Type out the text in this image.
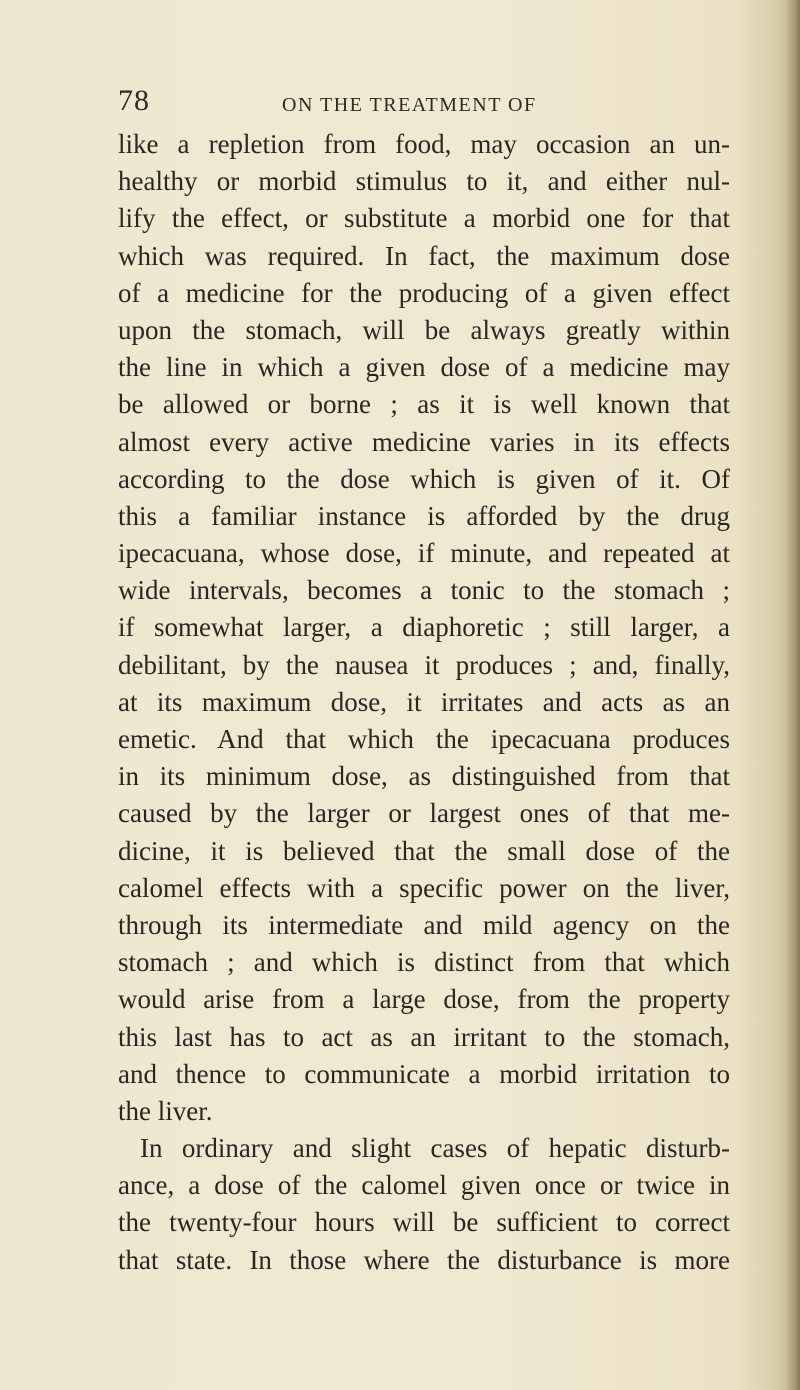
78	ON THE TREATMENT OF
like a repletion from food, may occasion an un-
healthy or morbid stimulus to it, and either nul-
lify the effect, or substitute a morbid one for that
which was required. In fact, the maximum dose
of a medicine for the producing of a given effect
upon the stomach, will be always greatly within
the line in which a given dose of a medicine may
be allowed or borne ; as it is well known that
almost every active medicine varies in its effects
according to the dose which is given of it. Of
this a familiar instance is afforded by the drug
ipecacuana, whose dose, if minute, and repeated at
wide intervals, becomes a tonic to the stomach ;
if somewhat larger, a diaphoretic ; still larger, a
debilitant, by the nausea it produces ; and, finally,
at its maximum dose, it irritates and acts as an
emetic. And that which the ipecacuana produces
in its minimum dose, as distinguished from that
caused by the larger or largest ones of that me-
dicine, it is believed that the small dose of the
calomel effects with a specific power on the liver,
through its intermediate and mild agency on the
stomach ; and which is distinct from that which
would arise from a large dose, from the property
this last has to act as an irritant to the stomach,
and thence to communicate a morbid irritation to
the liver.
In ordinary and slight cases of hepatic disturb-
ance, a dose of the calomel given once or twice in
the twenty-four hours will be sufficient to correct
that state. In those where the disturbance is more
